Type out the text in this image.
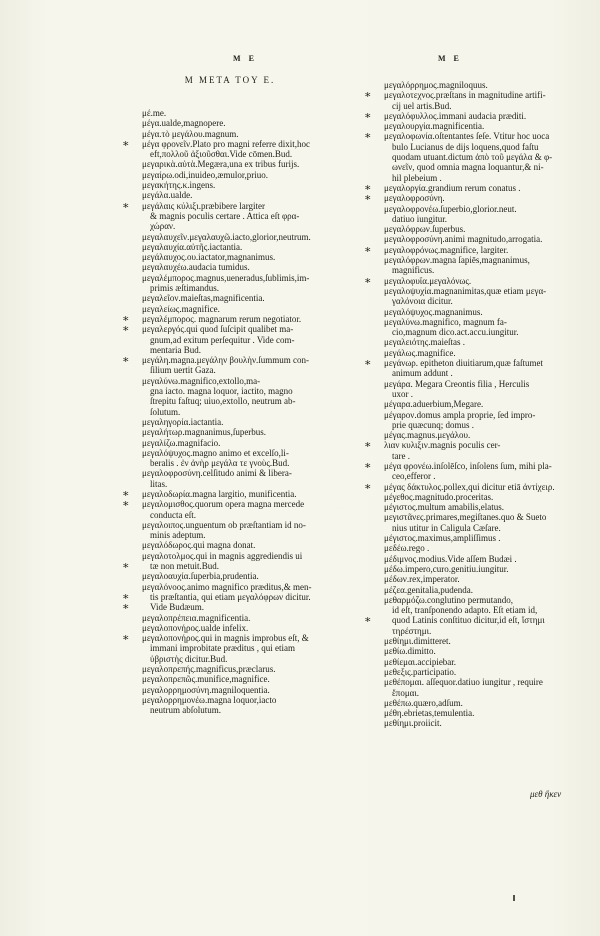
M E
M META TOY E.
M E
μέ.me.
μέγα.ualde,magnopere.
μέγα.τὸ μεγάλου.magnum.
∗ μέγα φρονεῖν.Plato pro magni referre dixit,hoc
eft,πολλοῦ ἀξιοῦσθαι.Vide cōmen.Bud.
μεγαρικὰ.αὐτὰ.Megæra,una ex tribus furijs.
μεγαίρω.odi,inuideo,æmulor,priuo.
μεγακήτης.κ.ingens.
μεγάλα.ualde.
∗ μεγάλαις κύλιξι.præbibere largiter
& magnis poculis certare . Attica eſt φρα-
χώραν.
μεγαλαυχεῖν.μεγαλαυχῶ.iacto,glorior,neutrum.
μεγαλαυχία.αὐτῆς.iactantia.
μεγάλαυχος.ου.iactator,magnanimus.
μεγαλαυχέω.audacia tumidus.
μεγαλέμπορος.magnus,ueneradus,ſublimis,im-
primis æſtimandus.
μεγαλεῖον.maieſtas,magnificentia.
μεγαλείως.magnifice.
∗ μεγαλέμπορος. magnarum rerum negotiator.
∗ μεγαλεργός.qui quod ſuſcipit qualibet ma-
gnum,ad exitum perſequitur . Vide com-
mentaria Bud.
∗ μεγάλη.magna.μεγάλην βουλὴν.ſummum con-
ſilium uertit Gaza.
μεγαλύνω.magnifico,extollo,ma-
gna iacto. magna loquor, iactito, magno
ſtrepitu faſtuq; uiuo,extollo, neutrum ab-
ſolutum.
μεγαληγορία.iactantia.
μεγαλήτωρ.magnanimus,ſuperbus.
μεγαλίζω.magnifacio.
μεγαλόψυχος.magno animo et excelſo,li-
beralis . ἐν ἀνὴρ μεγάλα τε γνοὺς.Bud.
μεγαλοφροσύνη.celſitudo animi & libera-
litas.
∗ μεγαλοδωρία.magna largitio, munificentia.
∗ μεγαλομισθος.quorum opera magna mercede
conducta eſt.
μεγαλοιπος.unguentum ob præſtantiam id no-
minis adeptum.
μεγαλόδωρος.qui magna donat.
μεγαλοτολμος.qui in magnis aggrediendis ui
∗ tæ non metuit.Bud.
μεγαλοαυχία.ſuperbia,prudentia.
μεγαλόνοος.animo magnifico præditus,& men-
∗ tis præſtantia, qui etiam μεγαλόφρων dicitur.
∗ Vide Budæum.
μεγαλοπρέπεια.magnificentia.
μεγαλοπονήρος.ualde infelix.
∗ μεγαλοπονήρος.qui in magnis improbus eſt, &
immani improbitate præditus , qui etiam
ὑβριστὴς dicitur.Bud.
μεγαλοπρεπής.magnificus,præclarus.
μεγαλοπρεπῶς.munifice,magnifice.
μεγαλορρημοσύνη.magniloquentia.
μεγαλορρημονέω.magna loquor,iacto
neutrum abſolutum.
μεγαλόρρημος.magniloquus.
∗ μεγαλοτεχνος.præſtans in magnitudine artifi-
cij uel artis.Bud.
∗ μεγαλόφυλλος.immani audacia præditi.
μεγαλουργία.magnificentia.
∗ μεγαλοφωνία.oſtentantes ſeſe. Vtitur hoc uoca
bulo Lucianus de dijs loquens,quod faſtu
quodam utuant.dictum ἀπὸ τοῦ μεγάλα & φ-
ωνεῖν, quod omnia magna loquantur,& ni-
hil plebeium .
∗ μεγαλοργία.grandium rerum conatus .
∗ μεγαλοφροσύνη.
μεγαλοφρονέω.ſuperbio,glorior.neut.
datiuo iungitur.
μεγαλόφρων.ſuperbus.
μεγαλοφροσύνη.animi magnitudo,arrogatia.
∗ μεγαλοφρόνως.magnifice, largiter.
μεγαλόφρων.magna ſapiēs,magnanimus,
magnificus.
∗ μεγαλοφυΐα.μεγαλόνως.
μεγαλοψυχία.magnanimitas,quæ etiam μεγα-
γαλόνοια dicitur.
μεγαλόψυχος.magnanimus.
μεγαλύνω.magnifico, magnum fa-
cio,magnum dico.act.accu.iungitur.
μεγαλειότης.maieſtas .
μεγάλως.magnifice.
∗ μεγάνωρ. epitheton diuitiarum,quæ faſtumet
animum addunt .
μεγάρα. Megara Creontis filia , Herculis
uxor .
μέγαρα.aduerbium,Megare.
μέγαρον.domus ampla proprie, ſed impro-
prie quæcunq; domus .
μέγας.magnus.μεγάλου.
∗ λιαν κυλιξιν.magnis poculis cer-
tare .
∗ μέγα φρονέω.inſolēſco, inſolens ſum, mihi pla-
ceo,efferor .
∗ μέγας δάκτυλος.pollex,qui dicitur etiā ἀντίχειρ.
μέγεθος.magnitudo.proceritas.
μέγιστος.multum amabilis,elatus.
μεγιστᾶνες.primares,megiſtanes.quo & Sueto
nius utitur in Caligula Cæſare.
μέγιστος.maximus,ampliſſimus .
μεδέω.rego .
μέδιμνος.modius.Vide aſſem Budæi .
μέδω.impero,curo.genitiu.iungitur.
μέδων.rex,imperator.
μέζεα.genitalia,pudenda.
μεθαρμόζω.conglutino permutando,
id eſt, tranſponendo adapto. Eſt etiam id,
∗ quod Latinis conſtituo dicitur,id eſt, ἵστημι
τηρέστημι.
μεθίημι.dimitteret.
μεθίω.dimitto.
μεθίεμαι.accipiebar.
μεθεξις.participatio.
μεθέπομαι. aſſequor.datiuo iungitur , require
ἕπομαι.
μεθέπω.quæro,adſum.
μέθη.ebrietas,temulentia.
μεθίημι.proiicit.
μεθ ἥκεν
